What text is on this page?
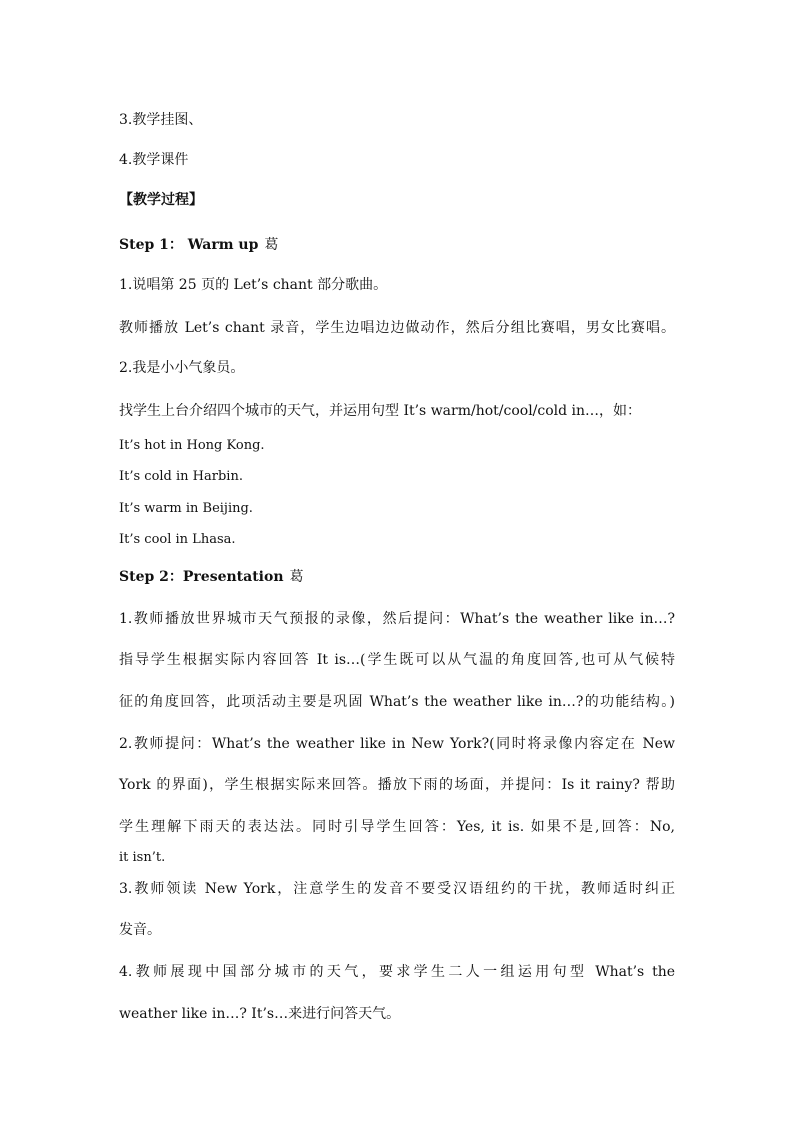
3.教学挂图、
4.教学课件
【教学过程】
Step 1： Warm up 葛
1.说唱第 25 页的 Let’s chant 部分歌曲。
教师播放 Let’s chant 录音，学生边唱边边做动作，然后分组比赛唱，男女比赛唱。
2.我是小小气象员。
找学生上台介绍四个城市的天气，并运用句型 It’s warm/hot/cool/cold in…，如：
It’s hot in Hong Kong.
It’s cold in Harbin.
It’s warm in Beijing.
It’s cool in Lhasa.
Step 2：Presentation 葛
1.教师播放世界城市天气预报的录像，然后提问：What’s the weather like in…?
指导学生根据实际内容回答 It is…(学生既可以从气温的角度回答,也可从气候特
征的角度回答，此项活动主要是巩固 What’s the weather like in…?的功能结构。)
2.教师提问：What’s the weather like in New York?(同时将录像内容定在 New
York 的界面)，学生根据实际来回答。播放下雨的场面，并提问：Is it rainy? 帮助
学生理解下雨天的表达法。同时引导学生回答：Yes, it is. 如果不是,回答：No,
it isn’t.
3.教师领读 New York，注意学生的发音不要受汉语纽约的干扰，教师适时纠正
发音。
4.教师展现中国部分城市的天气，要求学生二人一组运用句型 What’s the
weather like in…? It’s…来进行问答天气。
